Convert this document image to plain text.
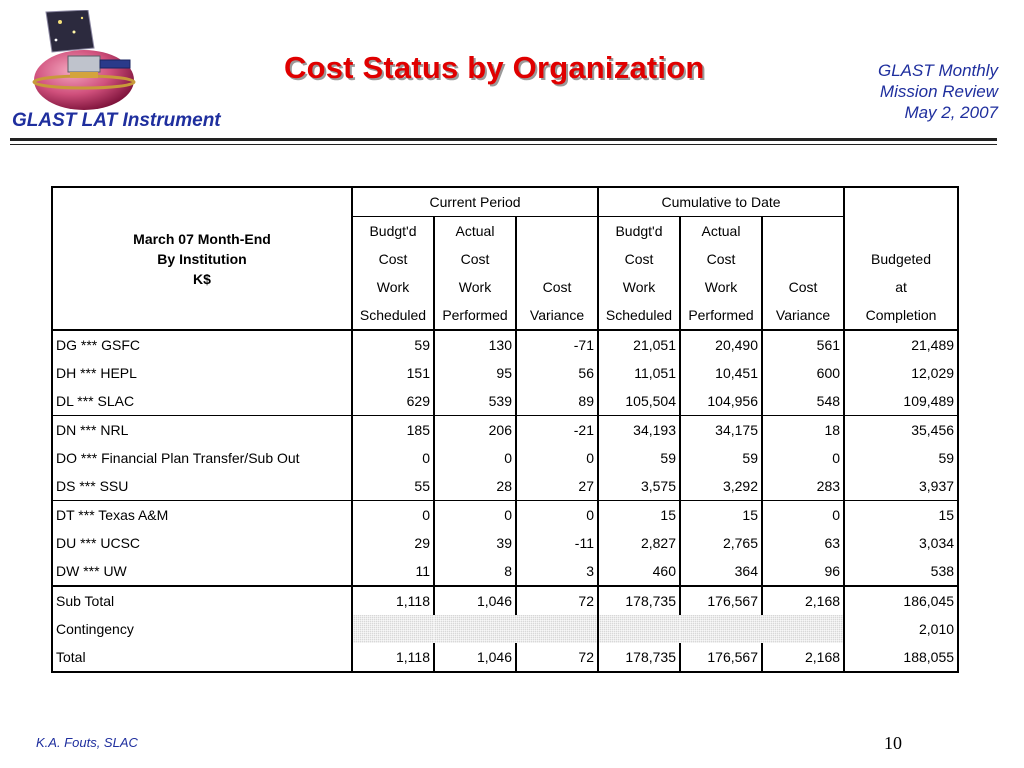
GLAST LAT Instrument
Cost Status by Organization	GLAST Monthly
Mission Review
May 2, 2007
March 07 Month-End
By Institution
K$	Current Period			Cumulative to Date			
	Budgt'd	Actual		Budgt'd	Actual		
	Cost	Cost		Cost	Cost		Budgeted
	Work	Work	Cost	Work	Work	Cost	at
	Scheduled	Performed	Variance	Scheduled	Performed	Variance	Completion
DG *** GSFC	59	130	-71	21,051	20,490	561	21,489
DH *** HEPL	151	95	56	11,051	10,451	600	12,029
DL *** SLAC	629	539	89	105,504	104,956	548	109,489
DN *** NRL	185	206	-21	34,193	34,175	18	35,456
DO *** Financial Plan Transfer/Sub Out	0	0	0	59	59	0	59
DS *** SSU	55	28	27	3,575	3,292	283	3,937
DT *** Texas A&M	0	0	0	15	15	0	15
DU *** UCSC	29	39	-11	2,827	2,765	63	3,034
DW *** UW	11	8	3	460	364	96	538
Sub Total	1,118	1,046	72	178,735	176,567	2,168	186,045
Contingency							2,010
Total	1,118	1,046	72	178,735	176,567	2,168	188,055
K.A. Fouts, SLAC	10
